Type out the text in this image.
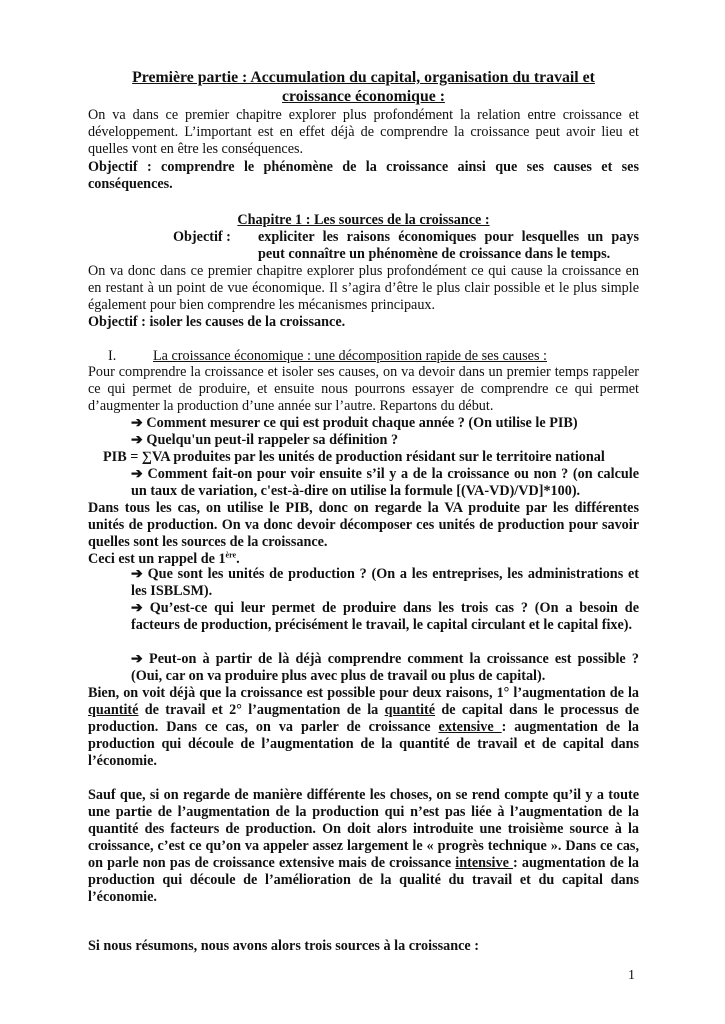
Première partie : Accumulation du capital, organisation du travail et
croissance économique :
On va dans ce premier chapitre explorer plus profondément la relation entre croissance et développement. L’important est en effet déjà de comprendre la croissance peut avoir lieu et quelles vont en être les conséquences.
Objectif : comprendre le phénomène de la croissance ainsi que ses causes et ses conséquences.
Chapitre 1 : Les sources de la croissance :
Objectif : expliciter les raisons économiques pour lesquelles un pays
peut connaître un phénomène de croissance dans le temps.
On va donc dans ce premier chapitre explorer plus profondément ce qui cause la croissance en en restant à un point de vue économique. Il s’agira d’être le plus clair possible et le plus simple également pour bien comprendre les mécanismes principaux.
Objectif : isoler les causes de la croissance.
I.	La croissance économique : une décomposition rapide de ses causes :
Pour comprendre la croissance et isoler ses causes, on va devoir dans un premier temps rappeler ce qui permet de produire, et ensuite nous pourrons essayer de comprendre ce qui permet d’augmenter la production d’une année sur l’autre. Repartons du début.
➔ Comment mesurer ce qui est produit chaque année ? (On utilise le PIB)
➔ Quelqu'un peut-il rappeler sa définition ?
PIB = ∑VA produites par les unités de production résidant sur le territoire national
➔ Comment fait-on pour voir ensuite s’il y a de la croissance ou non ? (on calcule un taux de variation, c'est-à-dire on utilise la formule [(VA-VD)/VD]*100).
Dans tous les cas, on utilise le PIB, donc on regarde la VA produite par les différentes unités de production. On va donc devoir décomposer ces unités de production pour savoir quelles sont les sources de la croissance.
Ceci est un rappel de 1ère.
➔ Que sont les unités de production ? (On a les entreprises, les administrations et les ISBLSM).
➔ Qu’est-ce qui leur permet de produire dans les trois cas ? (On a besoin de facteurs de production, précisément le travail, le capital circulant et le capital fixe).
➔ Peut-on à partir de là déjà comprendre comment la croissance est possible ? (Oui, car on va produire plus avec plus de travail ou plus de capital).
Bien, on voit déjà que la croissance est possible pour deux raisons, 1° l’augmentation de la quantité de travail et 2° l’augmentation de la quantité de capital dans le processus de production. Dans ce cas, on va parler de croissance extensive : augmentation de la production qui découle de l’augmentation de la quantité de travail et de capital dans l’économie.
Sauf que, si on regarde de manière différente les choses, on se rend compte qu’il y a toute une partie de l’augmentation de la production qui n’est pas liée à l’augmentation de la quantité des facteurs de production. On doit alors introduite une troisième source à la croissance, c’est ce qu’on va appeler assez largement le « progrès technique ». Dans ce cas, on parle non pas de croissance extensive mais de croissance intensive : augmentation de la production qui découle de l’amélioration de la qualité du travail et du capital dans l’économie.
Si nous résumons, nous avons alors trois sources à la croissance :
1
